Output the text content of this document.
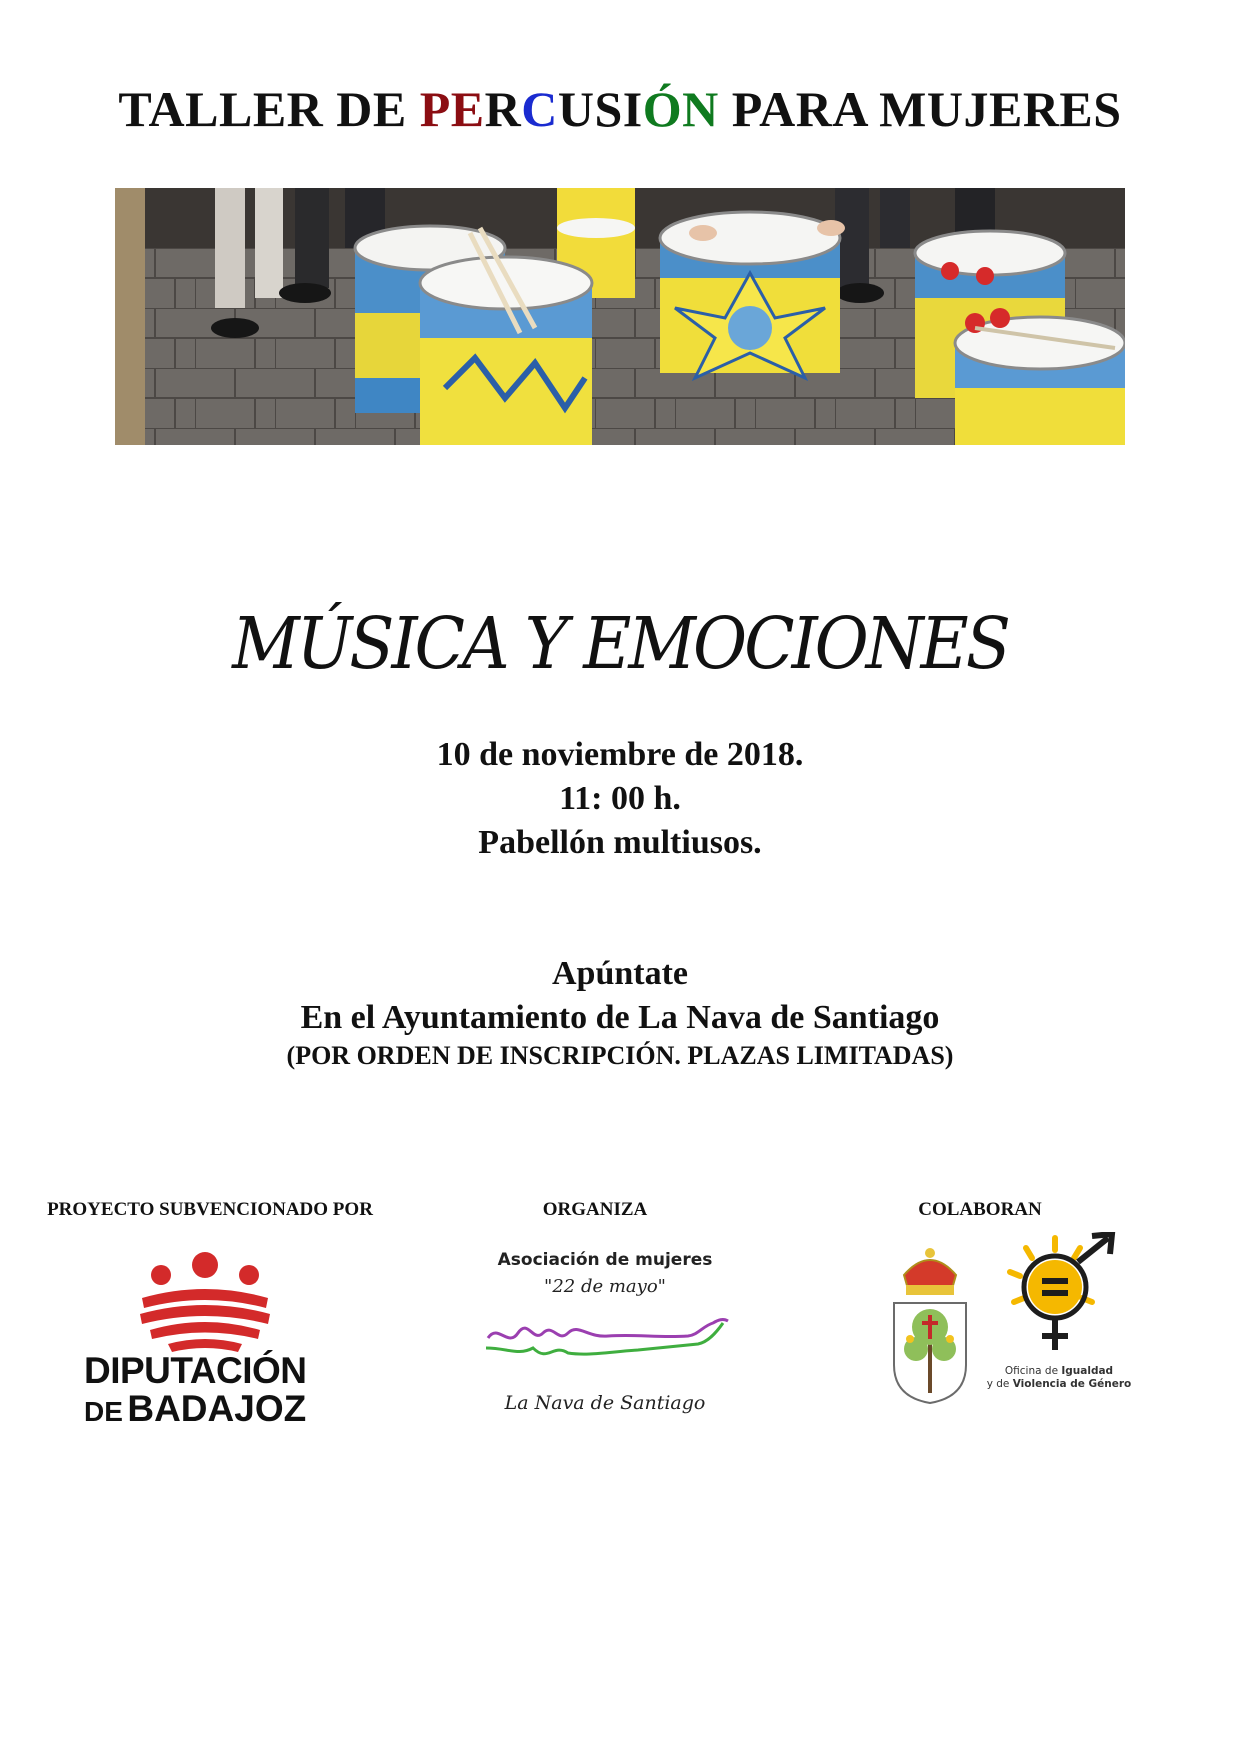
TALLER DE PERCUSIÓN PARA MUJERES
MÚSICA Y EMOCIONES
10 de noviembre de 2018.
11: 00 h.
Pabellón multiusos.
Apúntate
En el Ayuntamiento de La Nava de Santiago
(POR ORDEN DE INSCRIPCIÓN. PLAZAS LIMITADAS)
PROYECTO SUBVENCIONADO POR	ORGANIZA	COLABORAN
DIPUTACIÓN
DE BADAJOZ
Asociación de mujeres
"22 de mayo"
La Nava de Santiago
Oficina de Igualdad
y de Violencia de Género
